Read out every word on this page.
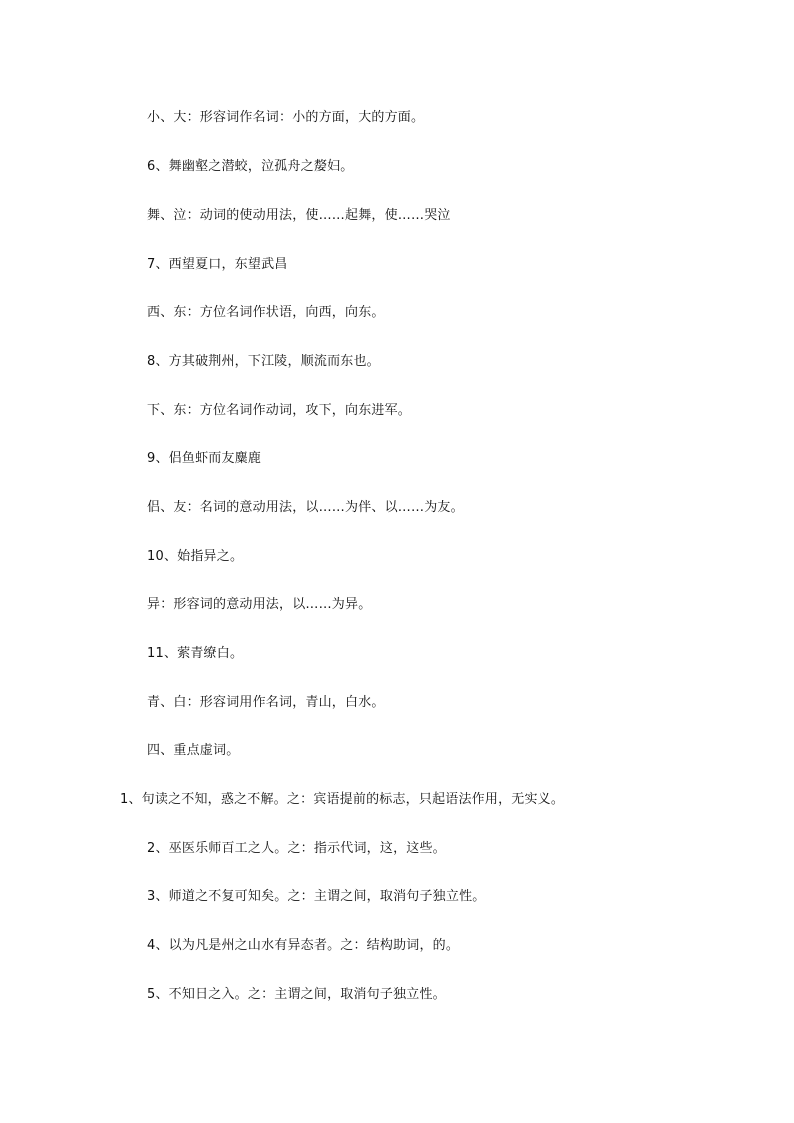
小、大：形容词作名词：小的方面，大的方面。
6、舞幽壑之潜蛟，泣孤舟之嫠妇。
舞、泣：动词的使动用法，使……起舞，使……哭泣
7、西望夏口，东望武昌
西、东：方位名词作状语，向西，向东。
8、方其破荆州，下江陵，顺流而东也。
下、东：方位名词作动词，攻下，向东进军。
9、侣鱼虾而友麋鹿
侣、友：名词的意动用法，以……为伴、以……为友。
10、始指异之。
异：形容词的意动用法，以……为异。
11、萦青缭白。
青、白：形容词用作名词，青山，白水。
四、重点虚词。
1、句读之不知，惑之不解。之：宾语提前的标志，只起语法作用，无实义。
2、巫医乐师百工之人。之：指示代词，这，这些。
3、师道之不复可知矣。之：主谓之间，取消句子独立性。
4、以为凡是州之山水有异态者。之：结构助词，的。
5、不知日之入。之：主谓之间，取消句子独立性。
